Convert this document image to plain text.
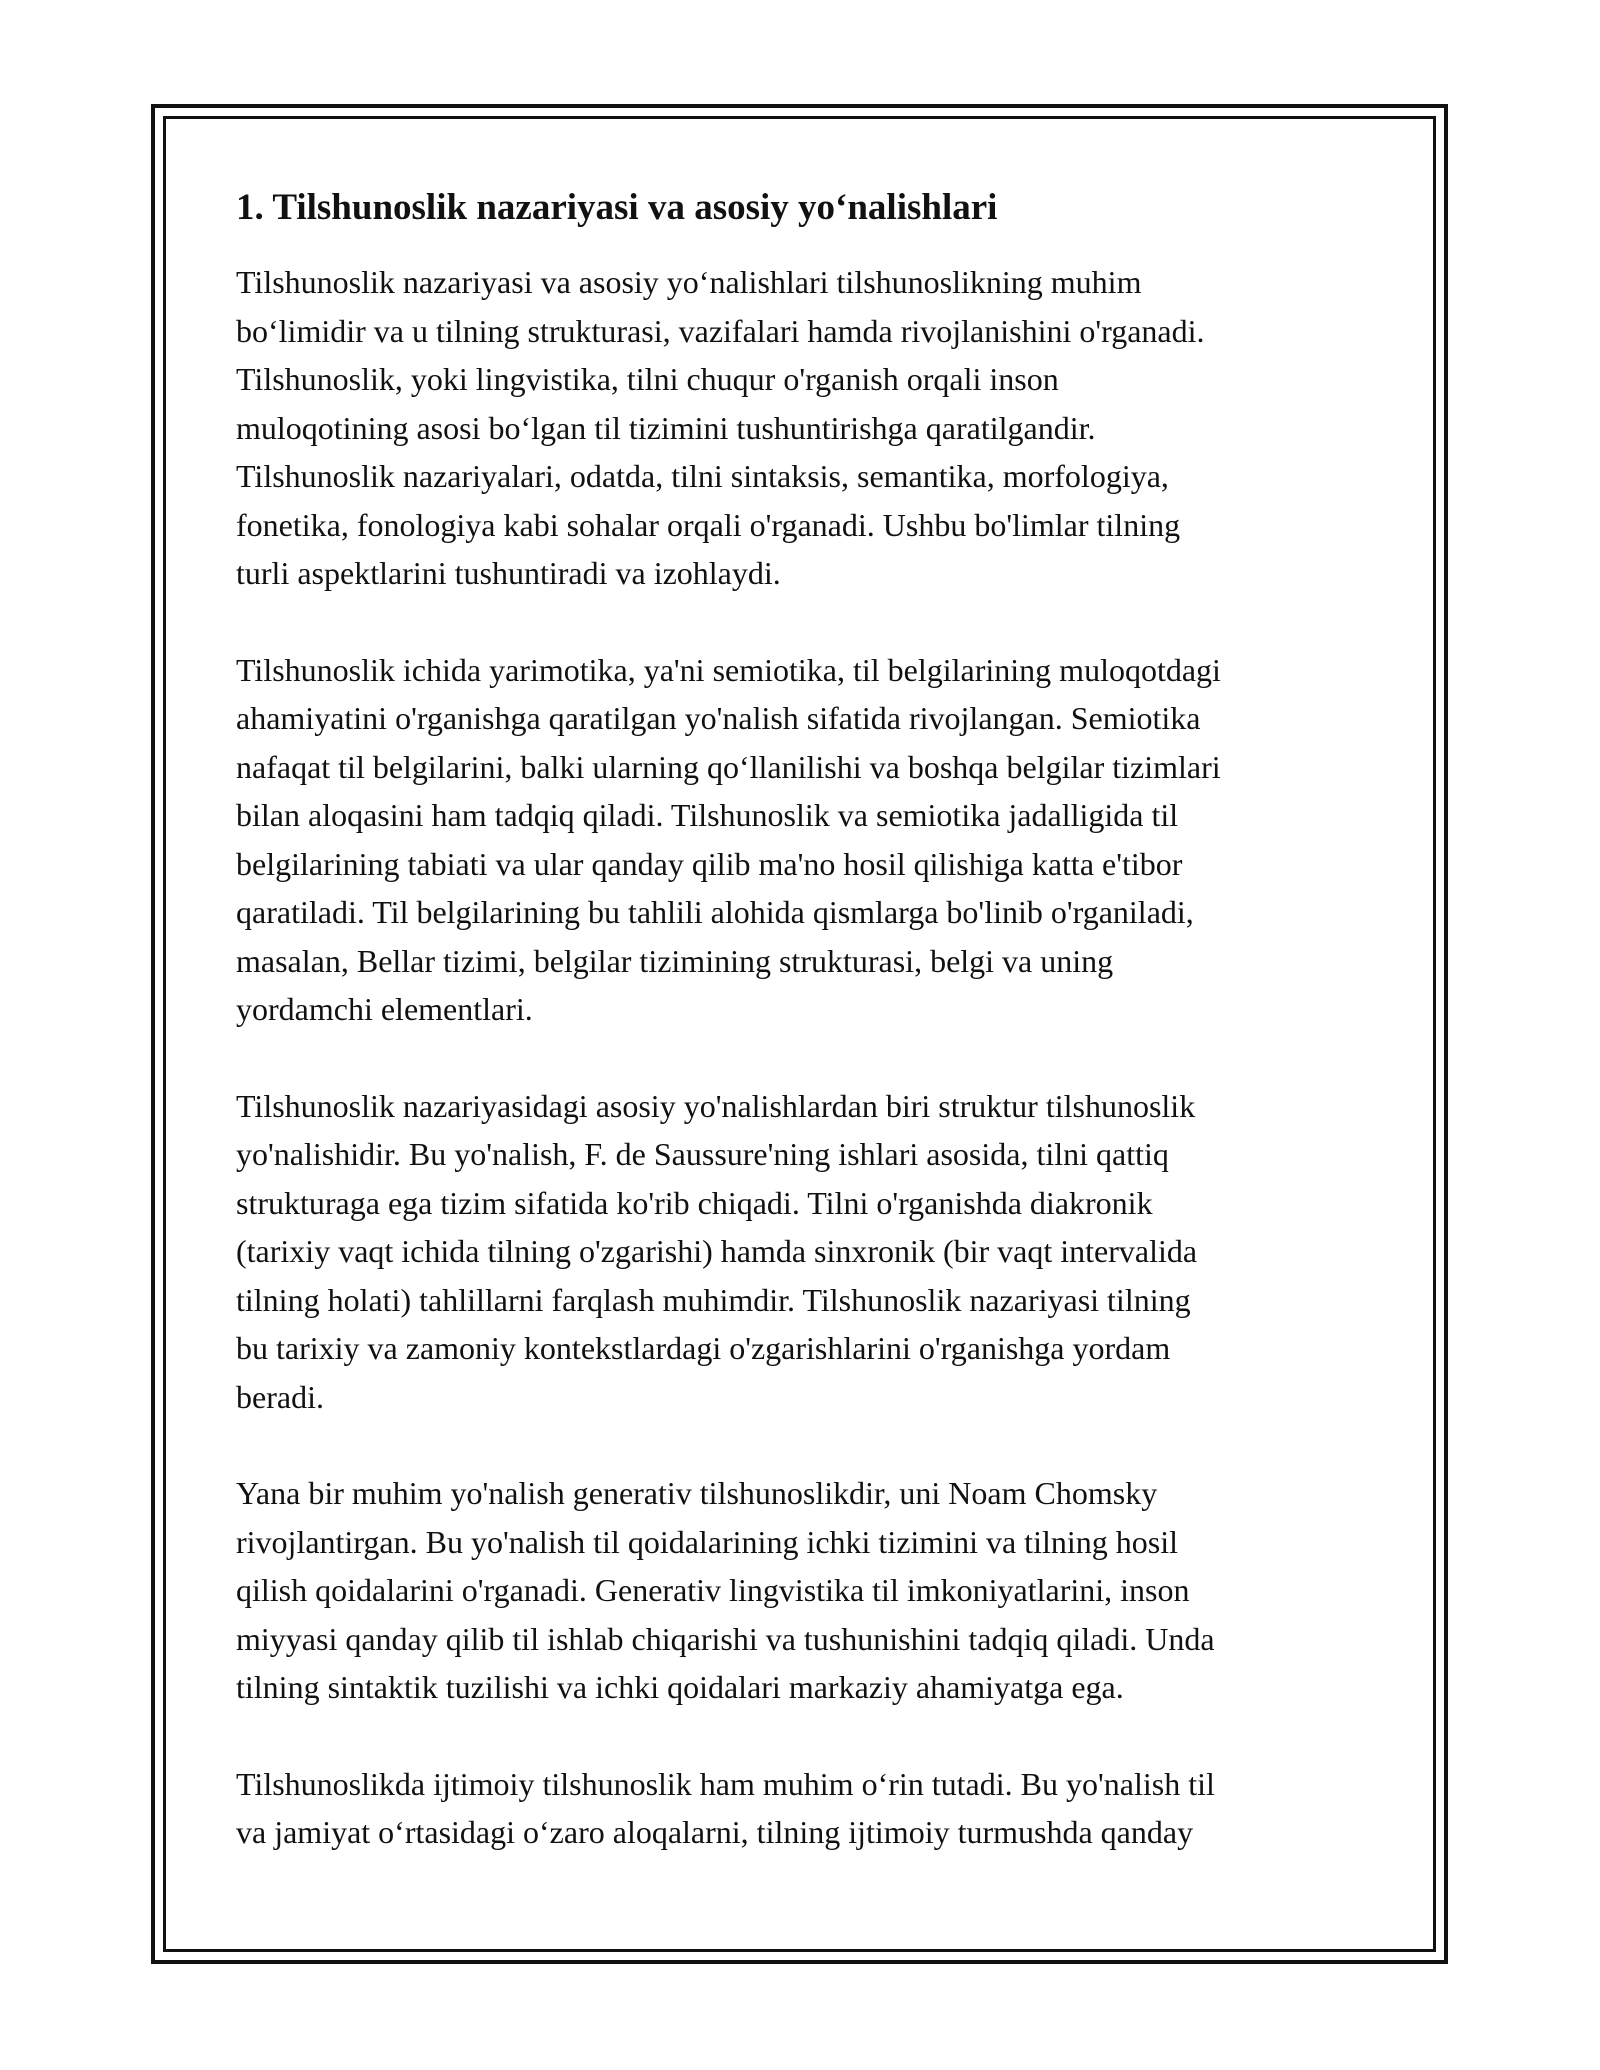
1. Tilshunoslik nazariyasi va asosiy yo‘nalishlari

Tilshunoslik nazariyasi va asosiy yo‘nalishlari tilshunoslikning muhim
bo‘limidir va u tilning strukturasi, vazifalari hamda rivojlanishini o'rganadi.
Tilshunoslik, yoki lingvistika, tilni chuqur o'rganish orqali inson
muloqotining asosi bo‘lgan til tizimini tushuntirishga qaratilgandir.
Tilshunoslik nazariyalari, odatda, tilni sintaksis, semantika, morfologiya,
fonetika, fonologiya kabi sohalar orqali o'rganadi. Ushbu bo'limlar tilning
turli aspektlarini tushuntiradi va izohlaydi.

Tilshunoslik ichida yarimotika, ya'ni semiotika, til belgilarining muloqotdagi
ahamiyatini o'rganishga qaratilgan yo'nalish sifatida rivojlangan. Semiotika
nafaqat til belgilarini, balki ularning qo‘llanilishi va boshqa belgilar tizimlari
bilan aloqasini ham tadqiq qiladi. Tilshunoslik va semiotika jadalligida til
belgilarining tabiati va ular qanday qilib ma'no hosil qilishiga katta e'tibor
qaratiladi. Til belgilarining bu tahlili alohida qismlarga bo'linib o'rganiladi,
masalan, Bellar tizimi, belgilar tizimining strukturasi, belgi va uning
yordamchi elementlari.

Tilshunoslik nazariyasidagi asosiy yo'nalishlardan biri struktur tilshunoslik
yo'nalishidir. Bu yo'nalish, F. de Saussure'ning ishlari asosida, tilni qattiq
strukturaga ega tizim sifatida ko'rib chiqadi. Tilni o'rganishda diakronik
(tarixiy vaqt ichida tilning o'zgarishi) hamda sinxronik (bir vaqt intervalida
tilning holati) tahlillarni farqlash muhimdir. Tilshunoslik nazariyasi tilning
bu tarixiy va zamoniy kontekstlardagi o'zgarishlarini o'rganishga yordam
beradi.

Yana bir muhim yo'nalish generativ tilshunoslikdir, uni Noam Chomsky
rivojlantirgan. Bu yo'nalish til qoidalarining ichki tizimini va tilning hosil
qilish qoidalarini o'rganadi. Generativ lingvistika til imkoniyatlarini, inson
miyyasi qanday qilib til ishlab chiqarishi va tushunishini tadqiq qiladi. Unda
tilning sintaktik tuzilishi va ichki qoidalari markaziy ahamiyatga ega.

Tilshunoslikda ijtimoiy tilshunoslik ham muhim o‘rin tutadi. Bu yo'nalish til
va jamiyat o‘rtasidagi o‘zaro aloqalarni, tilning ijtimoiy turmushda qanday
